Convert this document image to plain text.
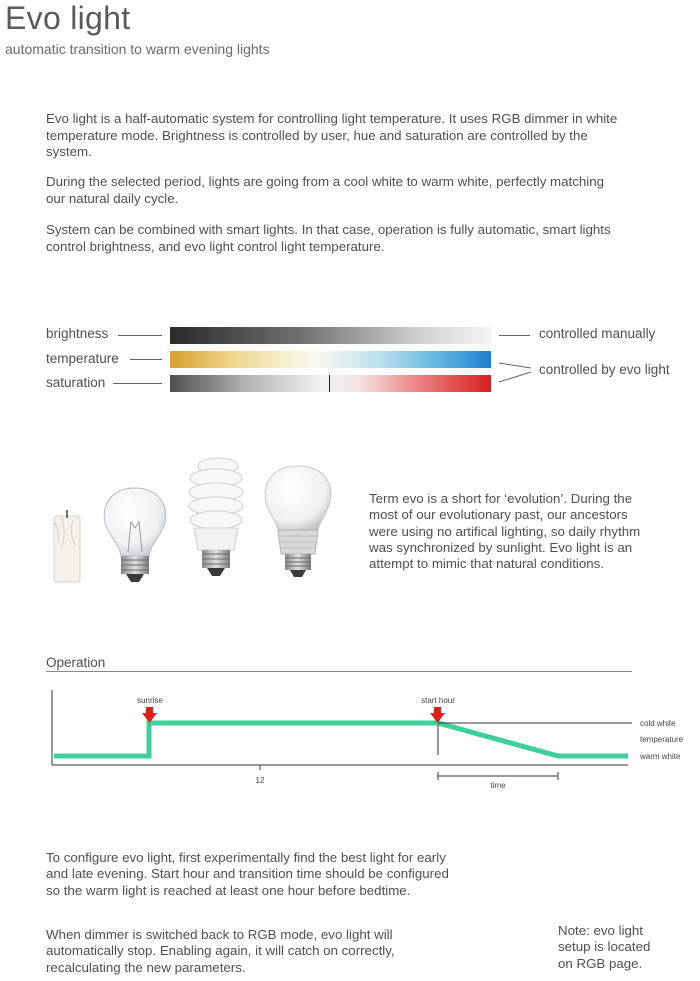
Evo light
automatic transition to warm evening lights
Evo light is a half-automatic system for controlling light temperature. It uses RGB dimmer in white temperature mode. Brightness is controlled by user, hue and saturation are controlled by the system.
During the selected period, lights are going from a cool white to warm white, perfectly matching our natural daily cycle.
System can be combined with smart lights. In that case, operation is fully automatic, smart lights control brightness, and evo light control light temperature.
brightness
temperature
saturation
controlled manually
controlled by evo light
Term evo is a short for ‘evolution’. During the most of our evolutionary past, our ancestors were using no artifical lighting, so daily rhythm was synchronized by sunlight. Evo light is an attempt to mimic that natural conditions.
Operation
sunrise	start hour
cold white
temperature
warm white
12
time
To configure evo light, first experimentally find the best light for early and late evening. Start hour and transition time should be configured so the warm light is reached at least one hour before bedtime.
When dimmer is switched back to RGB mode, evo light will automatically stop. Enabling again, it will catch on correctly, recalculating the new parameters.
Note: evo light setup is located on RGB page.
